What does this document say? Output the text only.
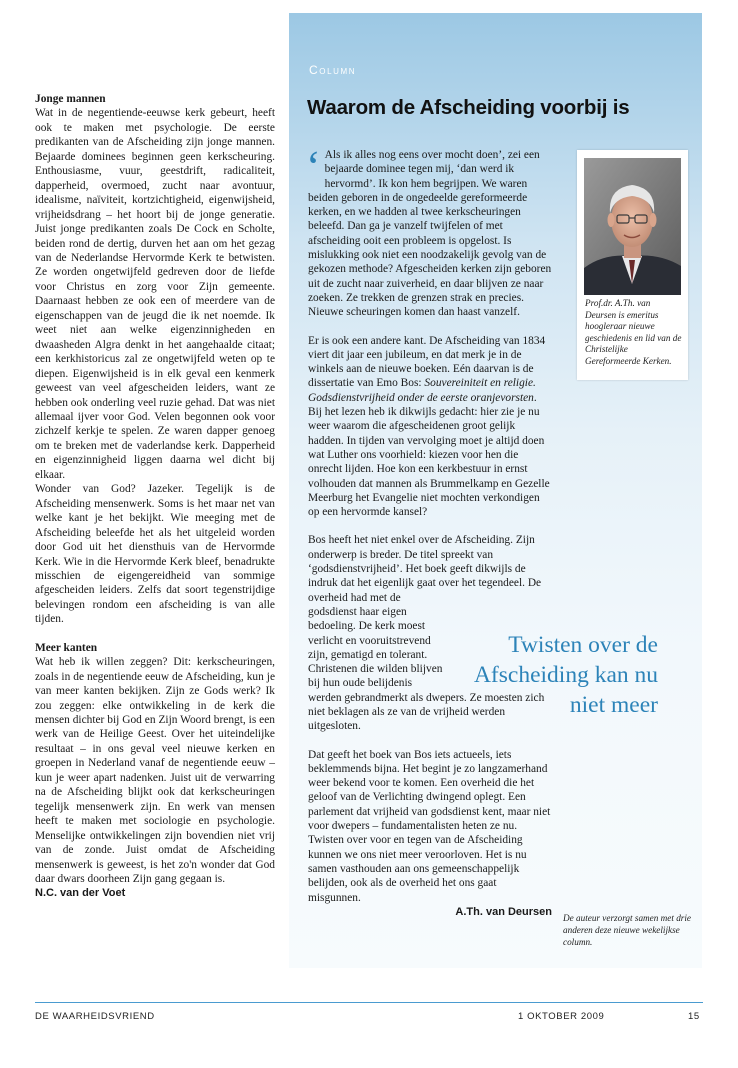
Jonge mannen

Wat in de negentiende-eeuwse kerk gebeurt, heeft ook te maken met psychologie. De eerste predikanten van de Afscheiding zijn jonge mannen. Bejaarde dominees beginnen geen kerkscheuring. Enthousiasme, vuur, geestdrift, radicaliteit, dapperheid, overmoed, zucht naar avontuur, idealisme, naïviteit, kortzichtigheid, eigenwijsheid, vrijheidsdrang – het hoort bij de jonge generatie. Juist jonge predikanten zoals De Cock en Scholte, beiden rond de dertig, durven het aan om het gezag van de Nederlandse Hervormde Kerk te betwisten. Ze worden ongetwijfeld gedreven door de liefde voor Christus en zorg voor Zijn gemeente. Daarnaast hebben ze ook een of meerdere van de eigenschappen van de jeugd die ik net noemde. Ik weet niet aan welke eigenzinnigheden en dwaasheden Algra denkt in het aangehaalde citaat; een kerkhistoricus zal ze ongetwijfeld weten op te diepen. Eigenwijsheid is in elk geval een kenmerk geweest van veel afgescheiden leiders, want ze hebben ook onderling veel ruzie gehad. Dat was niet allemaal ijver voor God. Velen begonnen ook voor zichzelf kerkje te spelen. Ze waren dapper genoeg om te breken met de vaderlandse kerk. Dapperheid en eigenzinnigheid liggen daarna wel dicht bij elkaar.

Wonder van God? Jazeker. Tegelijk is de Afscheiding mensenwerk. Soms is het maar net van welke kant je het bekijkt. Wie meeging met de Afscheiding beleefde het als het uitgeleid worden door God uit het diensthuis van de Hervormde Kerk. Wie in die Hervormde Kerk bleef, benadrukte misschien de eigengereidheid van sommige afgescheiden leiders. Zelfs dat soort tegenstrijdige belevingen rondom een afscheiding is van alle tijden.

Meer kanten

Wat heb ik willen zeggen? Dit: kerkscheuringen, zoals in de negentiende eeuw de Afscheiding, kun je van meer kanten bekijken. Zijn ze Gods werk? Ik zou zeggen: elke ontwikkeling in de kerk die mensen dichter bij God en Zijn Woord brengt, is een werk van de Heilige Geest. Over het uiteindelijke resultaat – in ons geval veel nieuwe kerken en groepen in Nederland vanaf de negentiende eeuw – kun je weer apart nadenken. Juist uit de verwarring na de Afscheiding blijkt ook dat kerkscheuringen tegelijk mensenwerk zijn. En werk van mensen heeft te maken met sociologie en psychologie. Menselijke ontwikkelingen zijn bovendien niet vrij van de zonde. Juist omdat de Afscheiding mensenwerk is geweest, is het zo'n wonder dat God daar dwars doorheen Zijn gang gegaan is.

N.C. van der Voet

Column
Waarom de Afscheiding voorbij is

‘ Als ik alles nog eens over mocht doen’, zei een bejaarde dominee tegen mij, ‘dan werd ik hervormd’. Ik kon hem begrijpen. We waren beiden geboren in de ongedeelde gereformeerde kerken, en we hadden al twee kerkscheuringen beleefd. Dan ga je vanzelf twijfelen of met afscheiding ooit een probleem is opgelost. Is mislukking ook niet een noodzakelijk gevolg van de gekozen methode? Afgescheiden kerken zijn geboren uit de zucht naar zuiverheid, en daar blijven ze naar zoeken. Ze trekken de grenzen strak en precies. Nieuwe scheuringen komen dan haast vanzelf.

Er is ook een andere kant. De Afscheiding van 1834 viert dit jaar een jubileum, en dat merk je in de winkels aan de nieuwe boeken. Eén daarvan is de dissertatie van Emo Bos: Souvereiniteit en religie. Godsdienstvrijheid onder de eerste oranjevorsten. Bij het lezen heb ik dikwijls gedacht: hier zie je nu weer waarom die afgescheidenen groot gelijk hadden. In tijden van vervolging moet je altijd doen wat Luther ons voorhield: kiezen voor hen die onrecht lijden. Hoe kon een kerkbestuur in ernst volhouden dat mannen als Brummelkamp en Gezelle Meerburg het Evangelie niet mochten verkondigen op een hervormde kansel?

Bos heeft het niet enkel over de Afscheiding. Zijn onderwerp is breder. De titel spreekt van ‘godsdienstvrijheid’. Het boek geeft dikwijls de indruk dat het eigenlijk gaat over het tegendeel. De

overheid had met de godsdienst haar eigen bedoeling. De kerk moest verlicht en vooruitstrevend zijn, gematigd en tolerant. Christenen die wilden blijven bij hun oude belijdenis

werden gebrandmerkt als dwepers. Ze moesten zich niet beklagen als ze van de vrijheid werden uitgesloten.

Dat geeft het boek van Bos iets actueels, iets beklemmends bijna. Het begint je zo langzamerhand weer bekend voor te komen. Een overheid die het geloof van de Verlichting dwingend oplegt. Een parlement dat vrijheid van godsdienst kent, maar niet voor dwepers – fundamentalisten heten ze nu. Twisten over voor en tegen van de Afscheiding kunnen we ons niet meer veroorloven. Het is nu samen vasthouden aan ons gemeenschappelijk belijden, ook als de overheid het ons gaat misgunnen.

A.Th. van Deursen

Prof.dr. A.Th. van Deursen is emeritus hoogleraar nieuwe geschiedenis en lid van de Christelijke Gereformeerde Kerken.
Twisten over de Afscheiding kan nu niet meer
De auteur verzorgt samen met drie anderen deze nieuwe wekelijkse column.
DE WAARHEIDSVRIEND	1 OKTOBER 2009	15
